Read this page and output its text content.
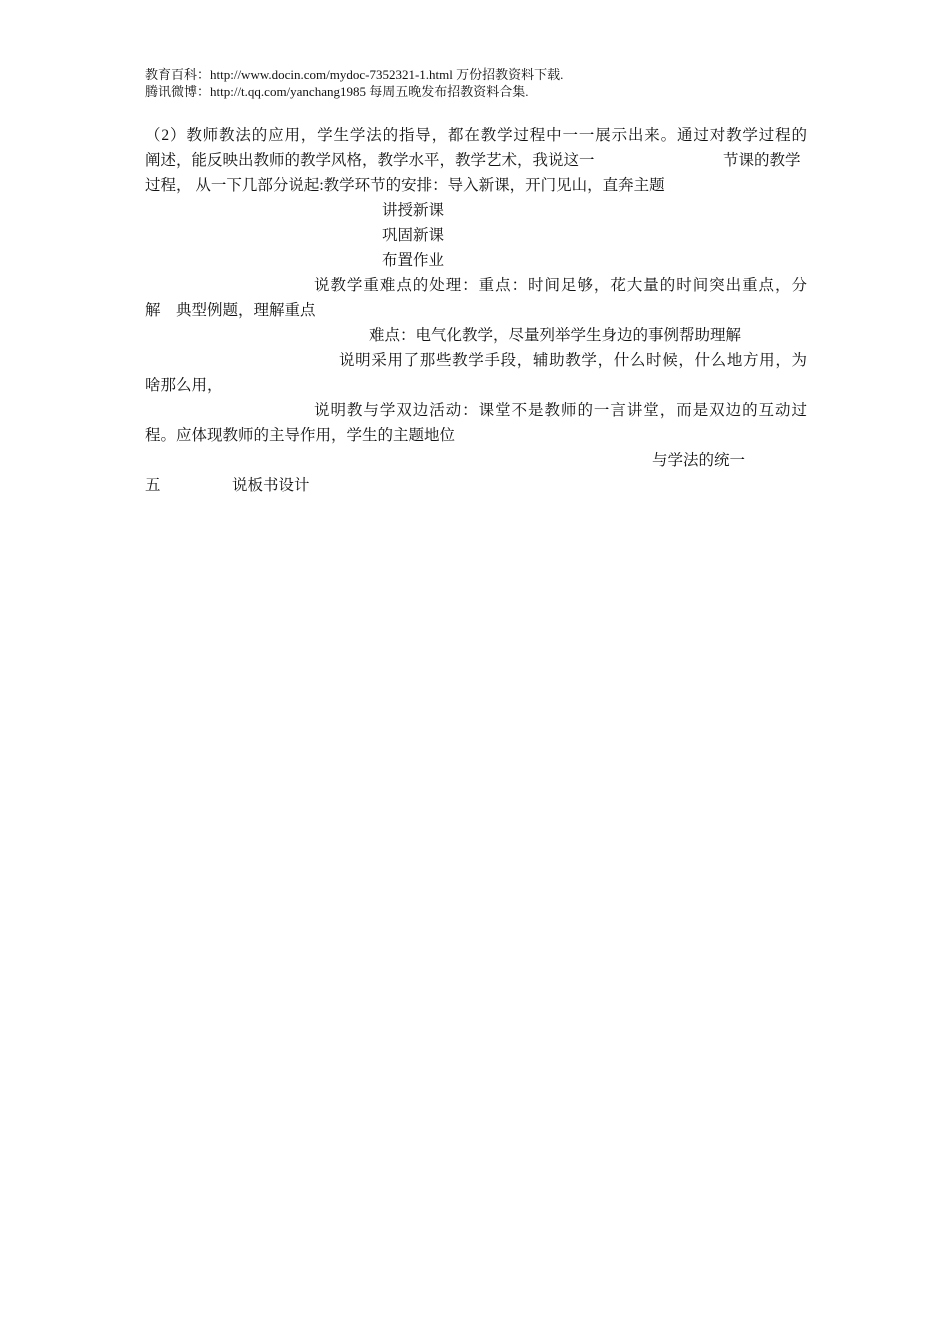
教育百科：http://www.docin.com/mydoc-7352321-1.html 万份招教资料下载.
腾讯微博：http://t.qq.com/yanchang1985 每周五晚发布招教资料合集.
（2）教师教法的应用，学生学法的指导，都在教学过程中一一展示出来。通过对教学过程的
阐述，能反映出教师的教学风格，教学水平，教学艺术，我说这一	节课的教学
过程， 从一下几部分说起:教学环节的安排：导入新课，开门见山，直奔主题
讲授新课
巩固新课
布置作业
说教学重难点的处理：重点：时间足够，花大量的时间突出重点，分
解　典型例题，理解重点
难点：电气化教学，尽量列举学生身边的事例帮助理解
说明采用了那些教学手段，辅助教学，什么时候，什么地方用，为
啥那么用，
说明教与学双边活动：课堂不是教师的一言讲堂，而是双边的互动过
程。应体现教师的主导作用，学生的主题地位
与学法的统一
五	说板书设计
